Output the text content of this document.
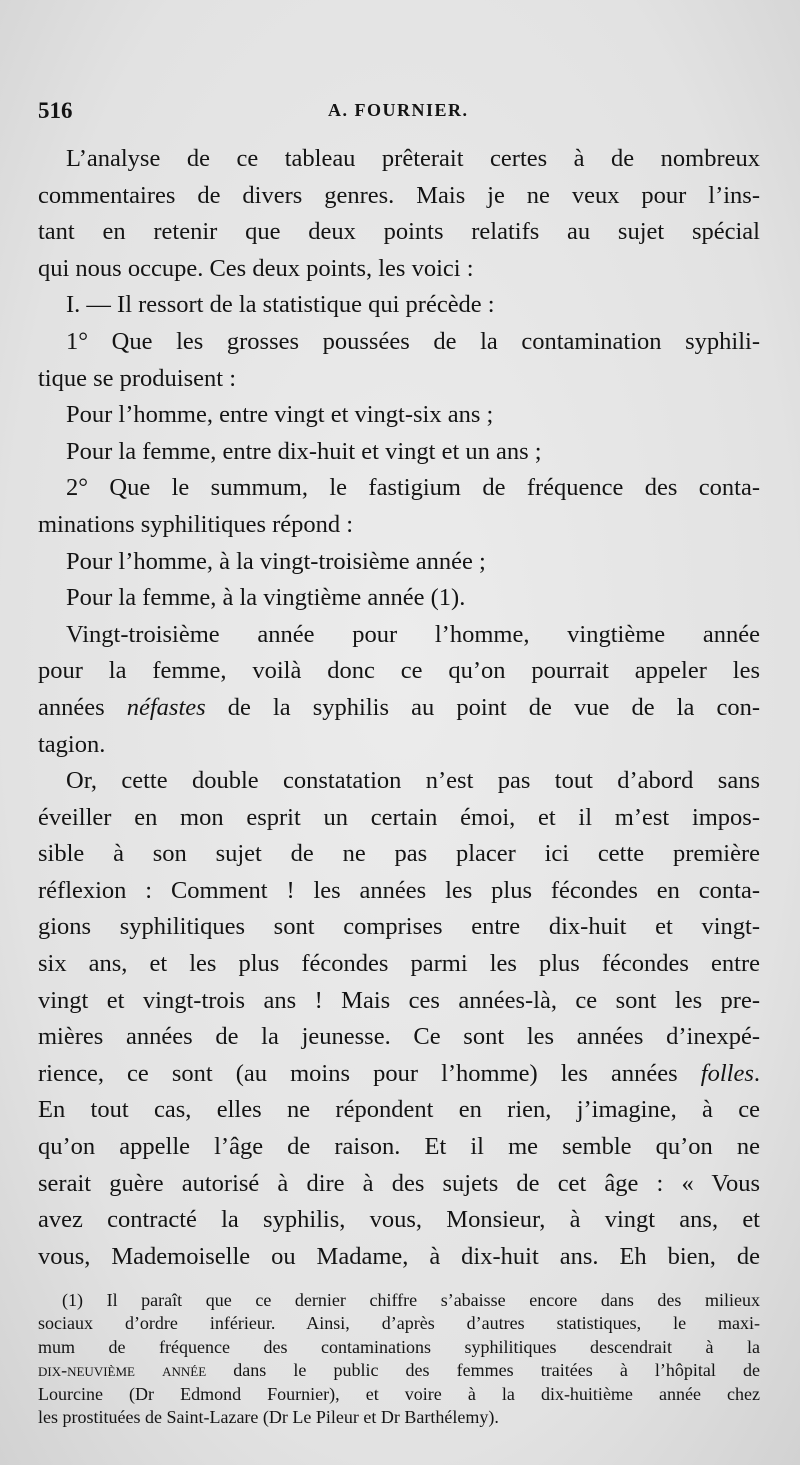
516	A. FOURNIER.
L’analyse de ce tableau prêterait certes à de nombreux
commentaires de divers genres. Mais je ne veux pour l’ins-
tant en retenir que deux points relatifs au sujet spécial
qui nous occupe. Ces deux points, les voici :
I. — Il ressort de la statistique qui précède :
1° Que les grosses poussées de la contamination syphili-
tique se produisent :
Pour l’homme, entre vingt et vingt-six ans ;
Pour la femme, entre dix-huit et vingt et un ans ;
2° Que le summum, le fastigium de fréquence des conta-
minations syphilitiques répond :
Pour l’homme, à la vingt-troisième année ;
Pour la femme, à la vingtième année (1).
Vingt-troisième année pour l’homme, vingtième année
pour la femme, voilà donc ce qu’on pourrait appeler les
années néfastes de la syphilis au point de vue de la con-
tagion.
Or, cette double constatation n’est pas tout d’abord sans
éveiller en mon esprit un certain émoi, et il m’est impos-
sible à son sujet de ne pas placer ici cette première
réflexion : Comment ! les années les plus fécondes en conta-
gions syphilitiques sont comprises entre dix-huit et vingt-
six ans, et les plus fécondes parmi les plus fécondes entre
vingt et vingt-trois ans ! Mais ces années-là, ce sont les pre-
mières années de la jeunesse. Ce sont les années d’inexpé-
rience, ce sont (au moins pour l’homme) les années folles.
En tout cas, elles ne répondent en rien, j’imagine, à ce
qu’on appelle l’âge de raison. Et il me semble qu’on ne
serait guère autorisé à dire à des sujets de cet âge : « Vous
avez contracté la syphilis, vous, Monsieur, à vingt ans, et
vous, Mademoiselle ou Madame, à dix-huit ans. Eh bien, de
(1) Il paraît que ce dernier chiffre s’abaisse encore dans des milieux
sociaux d’ordre inférieur. Ainsi, d’après d’autres statistiques, le maxi-
mum de fréquence des contaminations syphilitiques descendrait à la
dix-neuvième année dans le public des femmes traitées à l’hôpital de
Lourcine (Dr Edmond Fournier), et voire à la dix-huitième année chez
les prostituées de Saint-Lazare (Dr Le Pileur et Dr Barthélemy).
